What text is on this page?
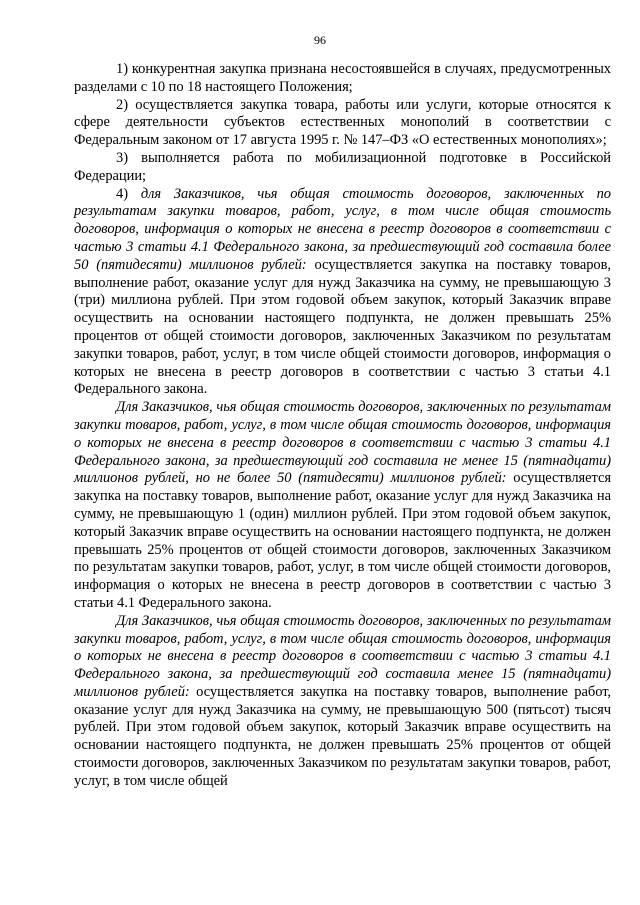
96

1) конкурентная закупка признана несостоявшейся в случаях, предусмотренных разделами с 10 по 18 настоящего Положения;

2) осуществляется закупка товара, работы или услуги, которые относятся к сфере деятельности субъектов естественных монополий в соответствии с Федеральным законом от 17 августа 1995 г. № 147–ФЗ «О естественных монополиях»;

3) выполняется работа по мобилизационной подготовке в Российской Федерации;

4) для Заказчиков, чья общая стоимость договоров, заключенных по результатам закупки товаров, работ, услуг, в том числе общая стоимость договоров, информация о которых не внесена в реестр договоров в соответствии с частью 3 статьи 4.1 Федерального закона, за предшествующий год составила более 50 (пятидесяти) миллионов рублей: осуществляется закупка на поставку товаров, выполнение работ, оказание услуг для нужд Заказчика на сумму, не превышающую 3 (три) миллиона рублей. При этом годовой объем закупок, который Заказчик вправе осуществить на основании настоящего подпункта, не должен превышать 25% процентов от общей стоимости договоров, заключенных Заказчиком по результатам закупки товаров, работ, услуг, в том числе общей стоимости договоров, информация о которых не внесена в реестр договоров в соответствии с частью 3 статьи 4.1 Федерального закона.

Для Заказчиков, чья общая стоимость договоров, заключенных по результатам закупки товаров, работ, услуг, в том числе общая стоимость договоров, информация о которых не внесена в реестр договоров в соответствии с частью 3 статьи 4.1 Федерального закона, за предшествующий год составила не менее 15 (пятнадцати) миллионов рублей, но не более 50 (пятидесяти) миллионов рублей: осуществляется закупка на поставку товаров, выполнение работ, оказание услуг для нужд Заказчика на сумму, не превышающую 1 (один) миллион рублей. При этом годовой объем закупок, который Заказчик вправе осуществить на основании настоящего подпункта, не должен превышать 25% процентов от общей стоимости договоров, заключенных Заказчиком по результатам закупки товаров, работ, услуг, в том числе общей стоимости договоров, информация о которых не внесена в реестр договоров в соответствии с частью 3 статьи 4.1 Федерального закона.

Для Заказчиков, чья общая стоимость договоров, заключенных по результатам закупки товаров, работ, услуг, в том числе общая стоимость договоров, информация о которых не внесена в реестр договоров в соответствии с частью 3 статьи 4.1 Федерального закона, за предшествующий год составила менее 15 (пятнадцати) миллионов рублей: осуществляется закупка на поставку товаров, выполнение работ, оказание услуг для нужд Заказчика на сумму, не превышающую 500 (пятьсот) тысяч рублей. При этом годовой объем закупок, который Заказчик вправе осуществить на основании настоящего подпункта, не должен превышать 25% процентов от общей стоимости договоров, заключенных Заказчиком по результатам закупки товаров, работ, услуг, в том числе общей
